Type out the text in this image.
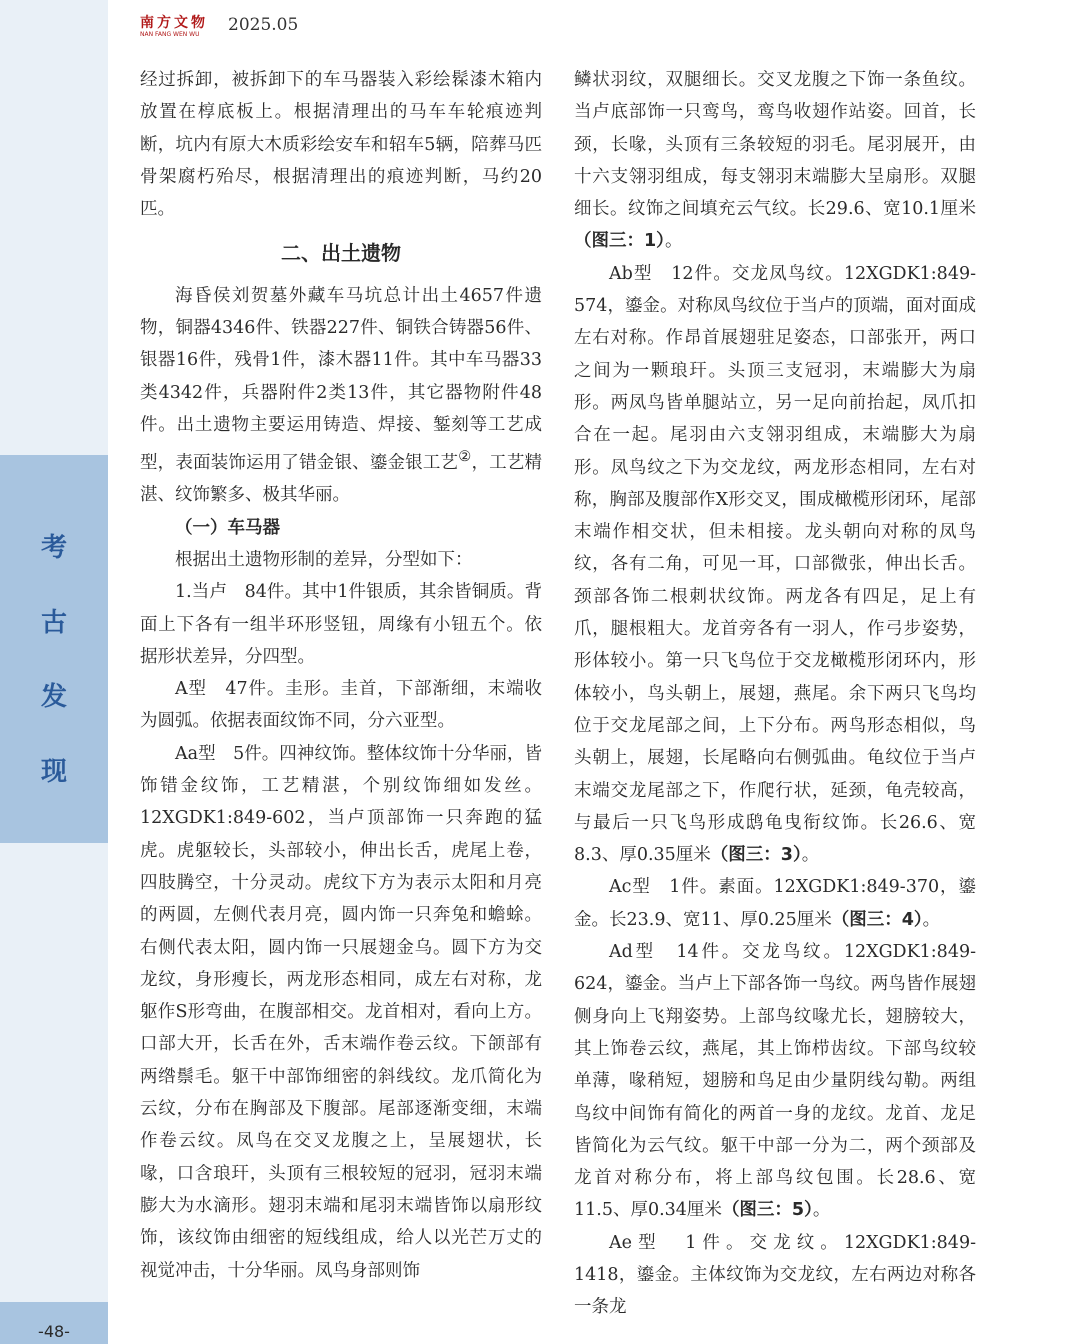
考
古
发
现
-48-
南方文物
NAN FANG WEN WU 2025.05

经过拆卸，被拆卸下的车马器装入彩绘髹漆木箱内放置在椁底板上。根据清理出的马车车轮痕迹判断，坑内有原大木质彩绘安车和轺车5辆，陪葬马匹骨架腐朽殆尽，根据清理出的痕迹判断，马约20匹。

二、出土遗物

海昏侯刘贺墓外藏车马坑总计出土4657件遗物，铜器4346件、铁器227件、铜铁合铸器56件、银器16件，残骨1件，漆木器11件。其中车马器33类4342件，兵器附件2类13件，其它器物附件48件。出土遗物主要运用铸造、焊接、錾刻等工艺成型，表面装饰运用了错金银、鎏金银工艺②，工艺精湛、纹饰繁多、极其华丽。

（一）车马器

根据出土遗物形制的差异，分型如下：

1.当卢　84件。其中1件银质，其余皆铜质。背面上下各有一组半环形竖钮，周缘有小钮五个。依据形状差异，分四型。

A型　47件。圭形。圭首，下部渐细，末端收为圆弧。依据表面纹饰不同，分六亚型。

Aa型　5件。四神纹饰。整体纹饰十分华丽，皆饰错金纹饰，工艺精湛，个别纹饰细如发丝。12XGDK1:849-602，当卢顶部饰一只奔跑的猛虎。虎躯较长，头部较小，伸出长舌，虎尾上卷，四肢腾空，十分灵动。虎纹下方为表示太阳和月亮的两圆，左侧代表月亮，圆内饰一只奔兔和蟾蜍。右侧代表太阳，圆内饰一只展翅金乌。圆下方为交龙纹，身形瘦长，两龙形态相同，成左右对称，龙躯作S形弯曲，在腹部相交。龙首相对，看向上方。口部大开，长舌在外，舌末端作卷云纹。下颌部有两绺鬃毛。躯干中部饰细密的斜线纹。龙爪简化为云纹，分布在胸部及下腹部。尾部逐渐变细，末端作卷云纹。凤鸟在交叉龙腹之上，呈展翅状，长喙，口含琅玕，头顶有三根较短的冠羽，冠羽末端膨大为水滴形。翅羽末端和尾羽末端皆饰以扇形纹饰，该纹饰由细密的短线组成，给人以光芒万丈的视觉冲击，十分华丽。凤鸟身部则饰

鳞状羽纹，双腿细长。交叉龙腹之下饰一条鱼纹。当卢底部饰一只鸾鸟，鸾鸟收翅作站姿。回首，长颈，长喙，头顶有三条较短的羽毛。尾羽展开，由十六支翎羽组成，每支翎羽末端膨大呈扇形。双腿细长。纹饰之间填充云气纹。长29.6、宽10.1厘米（图三：1）。

Ab型　12件。交龙凤鸟纹。12XGDK1:849-574，鎏金。对称凤鸟纹位于当卢的顶端，面对面成左右对称。作昂首展翅驻足姿态，口部张开，两口之间为一颗琅玕。头顶三支冠羽，末端膨大为扇形。两凤鸟皆单腿站立，另一足向前抬起，凤爪扣合在一起。尾羽由六支翎羽组成，末端膨大为扇形。凤鸟纹之下为交龙纹，两龙形态相同，左右对称，胸部及腹部作X形交叉，围成橄榄形闭环，尾部末端作相交状，但未相接。龙头朝向对称的凤鸟纹，各有二角，可见一耳，口部微张，伸出长舌。颈部各饰二根刺状纹饰。两龙各有四足，足上有爪，腿根粗大。龙首旁各有一羽人，作弓步姿势，形体较小。第一只飞鸟位于交龙橄榄形闭环内，形体较小，鸟头朝上，展翅，燕尾。余下两只飞鸟均位于交龙尾部之间，上下分布。两鸟形态相似，鸟头朝上，展翅，长尾略向右侧弧曲。龟纹位于当卢末端交龙尾部之下，作爬行状，延颈，龟壳较高，与最后一只飞鸟形成鸱龟曳衔纹饰。长26.6、宽8.3、厚0.35厘米（图三：3）。

Ac型　1件。素面。12XGDK1:849-370，鎏金。长23.9、宽11、厚0.25厘米（图三：4）。

Ad型　14件。交龙鸟纹。12XGDK1:849-624，鎏金。当卢上下部各饰一鸟纹。两鸟皆作展翅侧身向上飞翔姿势。上部鸟纹喙尤长，翅膀较大，其上饰卷云纹，燕尾，其上饰栉齿纹。下部鸟纹较单薄，喙稍短，翅膀和鸟足由少量阴线勾勒。两组鸟纹中间饰有简化的两首一身的龙纹。龙首、龙足皆简化为云气纹。躯干中部一分为二，两个颈部及龙首对称分布，将上部鸟纹包围。长28.6、宽11.5、厚0.34厘米（图三：5）。

Ae型　1件。交龙纹。12XGDK1:849-1418，鎏金。主体纹饰为交龙纹，左右两边对称各一条龙
